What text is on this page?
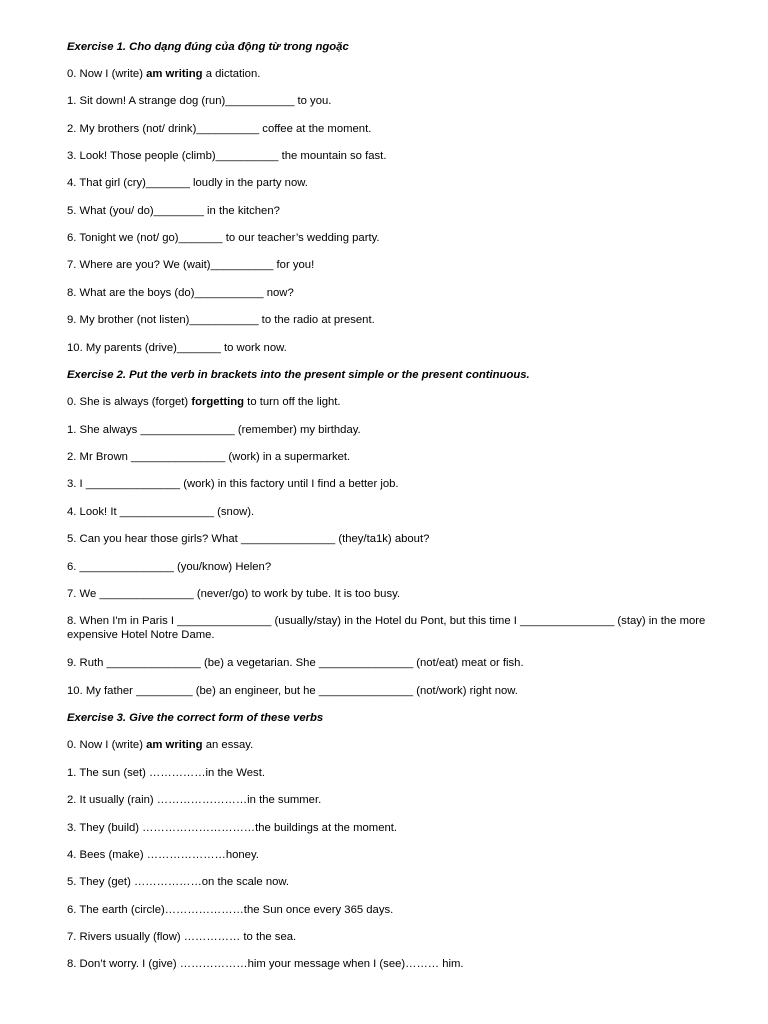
Exercise 1. Cho dạng đúng của động từ trong ngoặc
0. Now I (write) am writing a dictation.
1. Sit down! A strange dog (run)___________ to you.
2. My brothers (not/ drink)__________ coffee at the moment.
3. Look! Those people (climb)__________ the mountain so fast.
4. That girl (cry)_______ loudly in the party now.
5. What (you/ do)________ in the kitchen?
6. Tonight we (not/ go)_______ to our teacher’s wedding party.
7. Where are you? We (wait)__________ for you!
8. What are the boys (do)___________ now?
9. My brother (not listen)___________ to the radio at present.
10. My parents (drive)_______ to work now.
Exercise 2. Put the verb in brackets into the present simple or the present continuous.
0. She is always (forget) forgetting to turn off the light.
1. She always _______________ (remember) my birthday.
2. Mr Brown _______________ (work) in a supermarket.
3. I _______________ (work) in this factory until I find a better job.
4. Look! It _______________ (snow).
5. Can you hear those girls? What _______________ (they/ta1k) about?
6. _______________ (you/know) Helen?
7. We _______________ (never/go) to work by tube. It is too busy.
8. When I'm in Paris I _______________ (usually/stay) in the Hotel du Pont, but this time I _______________ (stay) in the more expensive Hotel Notre Dame.
9. Ruth _______________ (be) a vegetarian. She _______________ (not/eat) meat or fish.
10. My father _________ (be) an engineer, but he _______________ (not/work) right now.
Exercise 3. Give the correct form of these verbs
0. Now I (write) am writing an essay.
1. The sun (set) ……………in the West.
2. It usually (rain) ……………………in the summer.
3. They (build) …………………………the buildings at the moment.
4. Bees (make) …………………honey.
5. They (get) ………………on the scale now.
6. The earth (circle)…………………the Sun once every 365 days.
7. Rivers usually (flow) …………… to the sea.
8. Don’t worry. I (give) ………………him your message when I (see)……… him.
